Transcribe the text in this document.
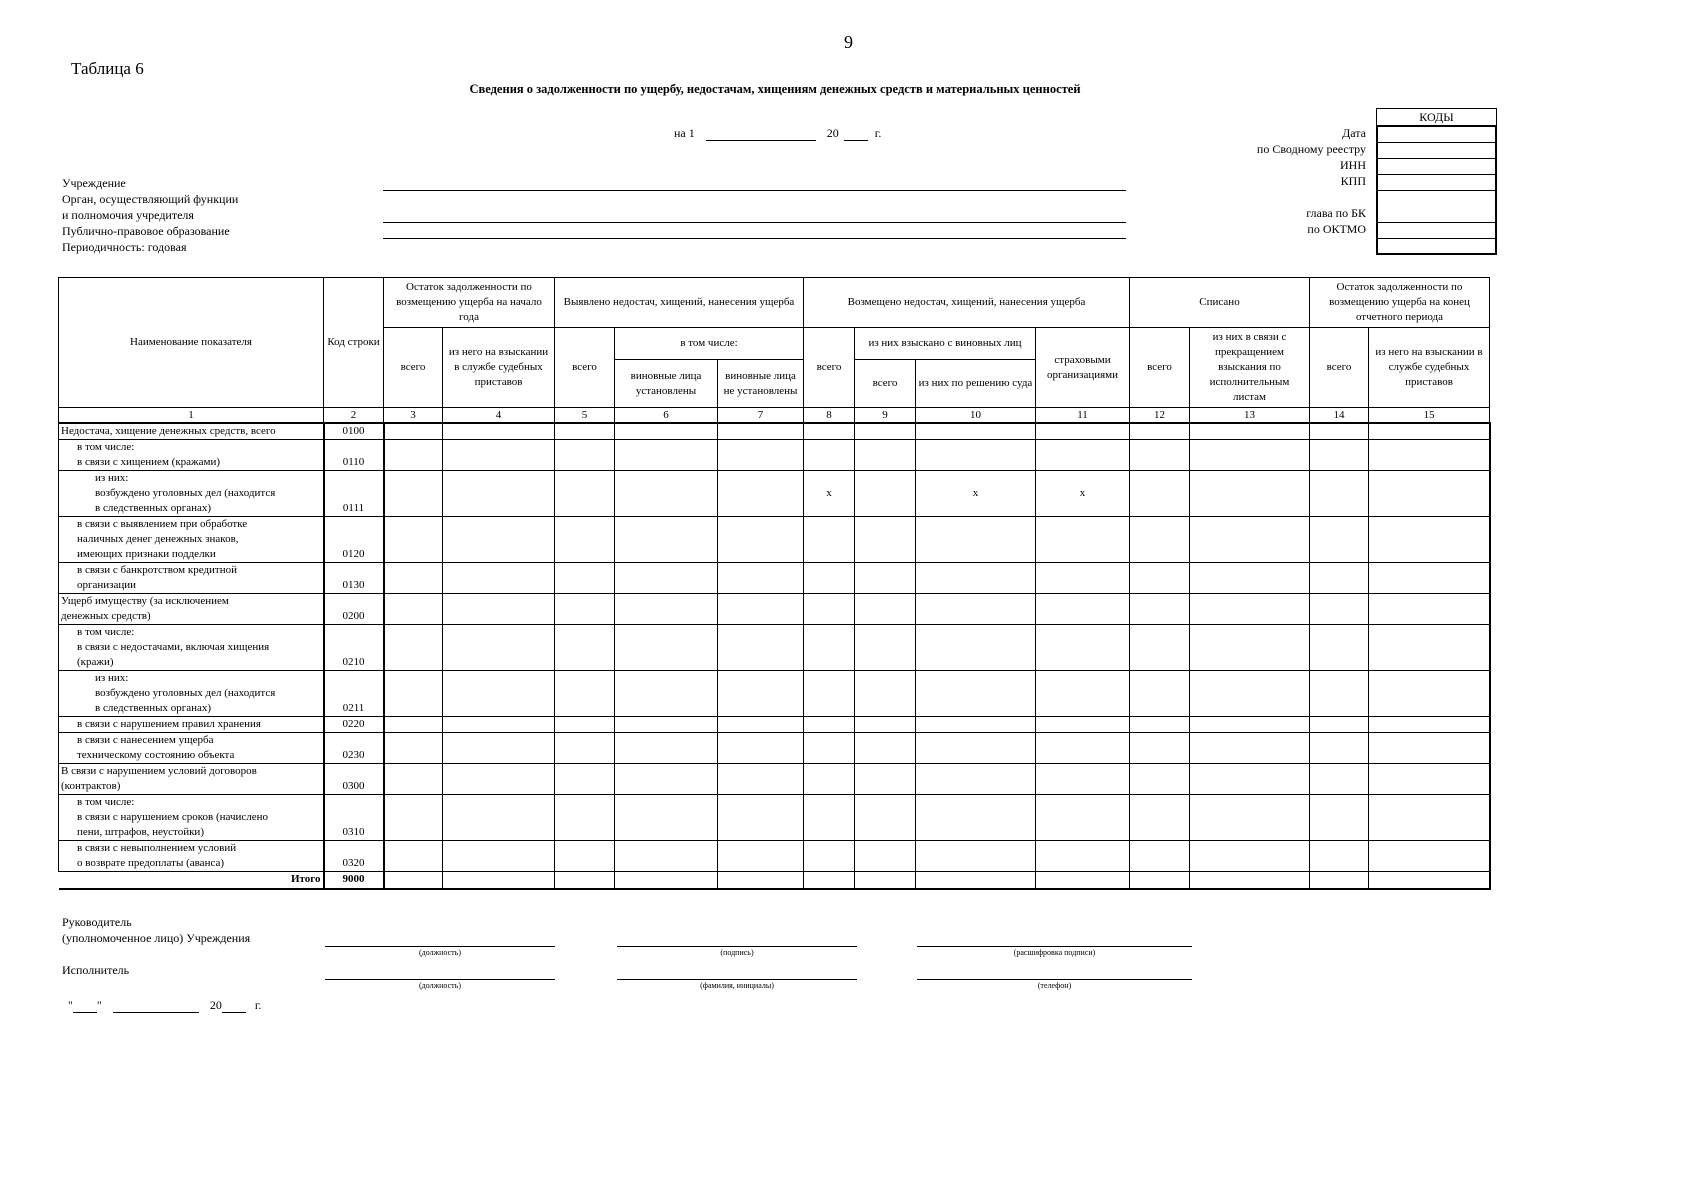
9
Таблица 6
Сведения о задолженности по ущербу, недостачам, хищениям денежных средств и материальных ценностей
на 1	20	г.
КОДЫ
Дата
по Сводному реестру
ИНН
КПП
глава по БК
по ОКТМО
Учреждение
Орган, осуществляющий функции
и полномочия учредителя
Публично-правовое образование
Периодичность: годовая
Наименование показателя	Код строки	Остаток задолженности по возмещению ущерба на начало года		Выявлено недостач, хищений, нанесения ущерба			Возмещено недостач, хищений, нанесения ущерба				Списано		Остаток задолженности по возмещению ущерба на конец отчетного периода	
		всего	из него на взыскании в службе судебных приставов	всего	в том числе:		всего	из них взыскано с виновных лиц		страховыми организациями	всего	из них в связи с прекращением взыскания по исполнительным листам	всего	из него на взыскании в службе судебных приставов
					виновные лица установлены	виновные лица не установлены		всего	из них по решению суда					
1	2	3	4	5	6	7	8	9	10	11	12	13	14	15
Недостача, хищение денежных средств, всего	0100													
в том числе:
в связи с хищением (кражами)	0110													
из них:
возбуждено уголовных дел (находится
в следственных органах)	0111						x		x	x				
в связи с выявлением при обработке
наличных денег денежных знаков,
имеющих признаки подделки	0120													
в связи с банкротством кредитной
организации	0130													
Ущерб имуществу (за исключением
денежных средств)	0200													
в том числе:
в связи с недостачами, включая хищения
(кражи)	0210													
из них:
возбуждено уголовных дел (находится
в следственных органах)	0211													
в связи с нарушением правил хранения	0220													
в связи с нанесением ущерба
техническому состоянию объекта	0230													
В связи с нарушением условий договоров
(контрактов)	0300													
в том числе:
в связи с нарушением сроков (начислено
пени, штрафов, неустойки)	0310													
в связи с невыполнением условий
о возврате предоплаты (аванса)	0320													
Итого	9000													
Руководитель
(уполномоченное лицо) Учреждения
(должность)	(подпись)	(расшифровка подписи)
Исполнитель
(должность)	(фамилия, инициалы)	(телефон)
" "	20	г.
